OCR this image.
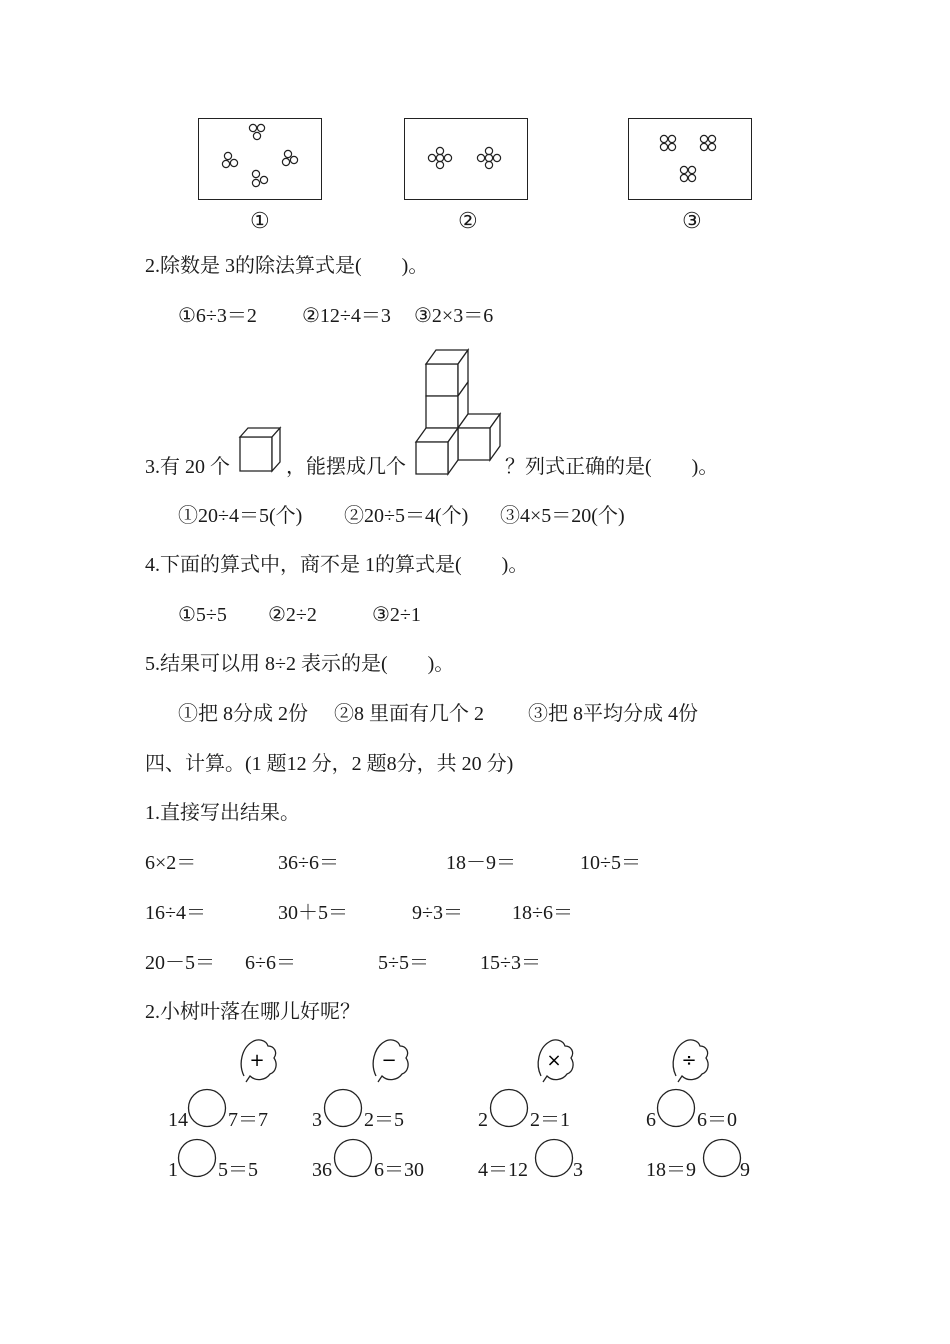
①	②	③
2.除数是 3的除法算式是(　　)。
①6÷3＝2 ②12÷4＝3 ③2×3＝6
3.有 20 个	，能摆成几个	？列式正确的是(　　)。
①20÷4＝5(个) ②20÷5＝4(个) ③4×5＝20(个)
4.下面的算式中，商不是 1的算式是(　　)。
①5÷5 ②2÷2	③2÷1
5.结果可以用 8÷2 表示的是(　　)。
①把 8分成 2份 ②8 里面有几个 2 ③把 8平均分成 4份
四、计算。(1 题12 分，2 题8分，共 20 分)
1.直接写出结果。
6×2＝	36÷6＝	18－9＝	10÷5＝
16÷4＝	30＋5＝	9÷3＝ 18÷6＝
20－5＝ 6÷6＝	5÷5＝	15÷3＝
2.小树叶落在哪儿好呢？
+	−	×	÷
14 7＝7 3 2＝5	2 2＝1	6 6＝0
1 5＝5	36 6＝30	4＝12 3	18＝9 9
